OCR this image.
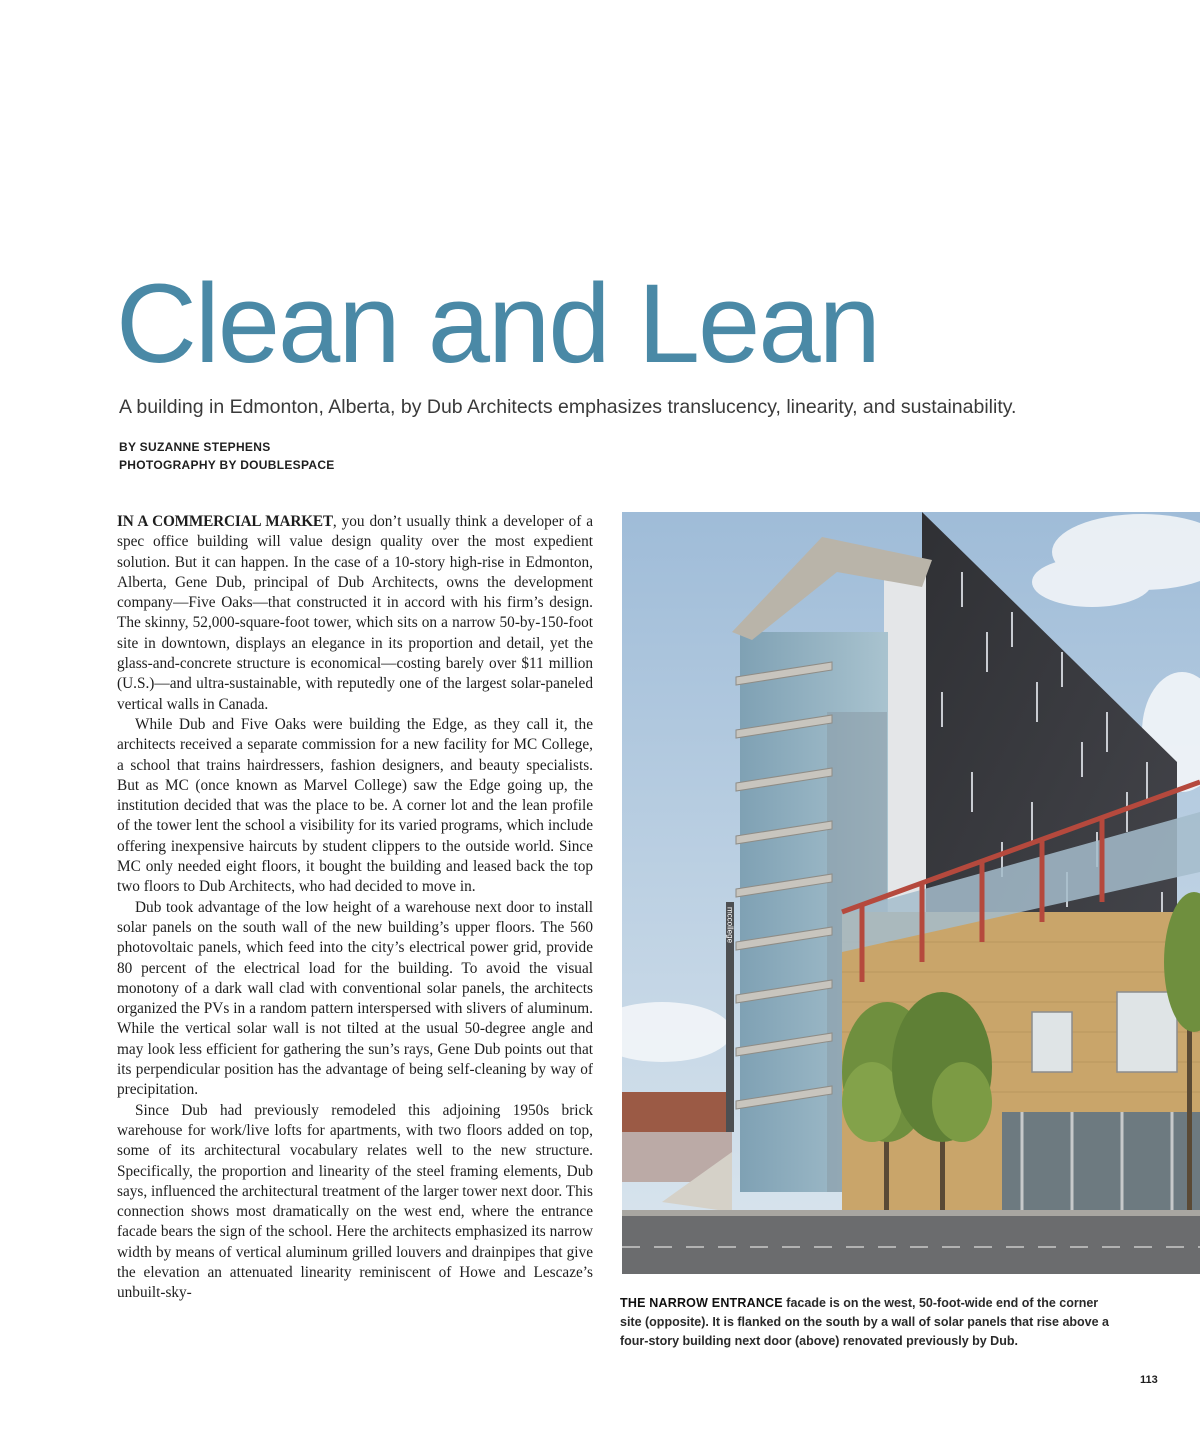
Clean and Lean

A building in Edmonton, Alberta, by Dub Architects emphasizes translucency, linearity, and sustainability.

BY SUZANNE STEPHENS
PHOTOGRAPHY BY DOUBLESPACE

IN A COMMERCIAL MARKET, you don’t usually think a developer of a spec office building will value design quality over the most expedient solution. But it can happen. In the case of a 10-story high-rise in Edmonton, Alberta, Gene Dub, principal of Dub Architects, owns the development company—Five Oaks—that constructed it in accord with his firm’s design. The skinny, 52,000-square-foot tower, which sits on a narrow 50-by-150-foot site in downtown, displays an elegance in its proportion and detail, yet the glass-and-concrete structure is economical—costing barely over $11 million (U.S.)—and ultra-sustainable, with reputedly one of the largest solar-paneled vertical walls in Canada.

While Dub and Five Oaks were building the Edge, as they call it, the architects received a separate commission for a new facility for MC College, a school that trains hairdressers, fashion designers, and beauty specialists. But as MC (once known as Marvel College) saw the Edge going up, the institution decided that was the place to be. A corner lot and the lean profile of the tower lent the school a visibility for its varied programs, which include offering inexpensive haircuts by student clippers to the outside world. Since MC only needed eight floors, it bought the building and leased back the top two floors to Dub Architects, who had decided to move in.

Dub took advantage of the low height of a warehouse next door to install solar panels on the south wall of the new building’s upper floors. The 560 photovoltaic panels, which feed into the city’s electrical power grid, provide 80 percent of the electrical load for the building. To avoid the visual monotony of a dark wall clad with conventional solar panels, the architects organized the PVs in a random pattern interspersed with slivers of aluminum. While the vertical solar wall is not tilted at the usual 50-degree angle and may look less efficient for gathering the sun’s rays, Gene Dub points out that its perpendicular position has the advantage of being self-cleaning by way of precipitation.

Since Dub had previously remodeled this adjoining 1950s brick warehouse for work/live lofts for apartments, with two floors added on top, some of its architectural vocabulary relates well to the new structure. Specifically, the proportion and linearity of the steel framing elements, Dub says, influenced the architectural treatment of the larger tower next door. This connection shows most dramatically on the west end, where the entrance facade bears the sign of the school. Here the architects emphasized its narrow width by means of vertical aluminum grilled louvers and drainpipes that give the elevation an attenuated linearity reminiscent of Howe and Lescaze’s unbuilt-sky-

mccollege
THE NARROW ENTRANCE facade is on the west, 50-foot-wide end of the corner site (opposite). It is flanked on the south by a wall of solar panels that rise above a four-story building next door (above) renovated previously by Dub.
113
